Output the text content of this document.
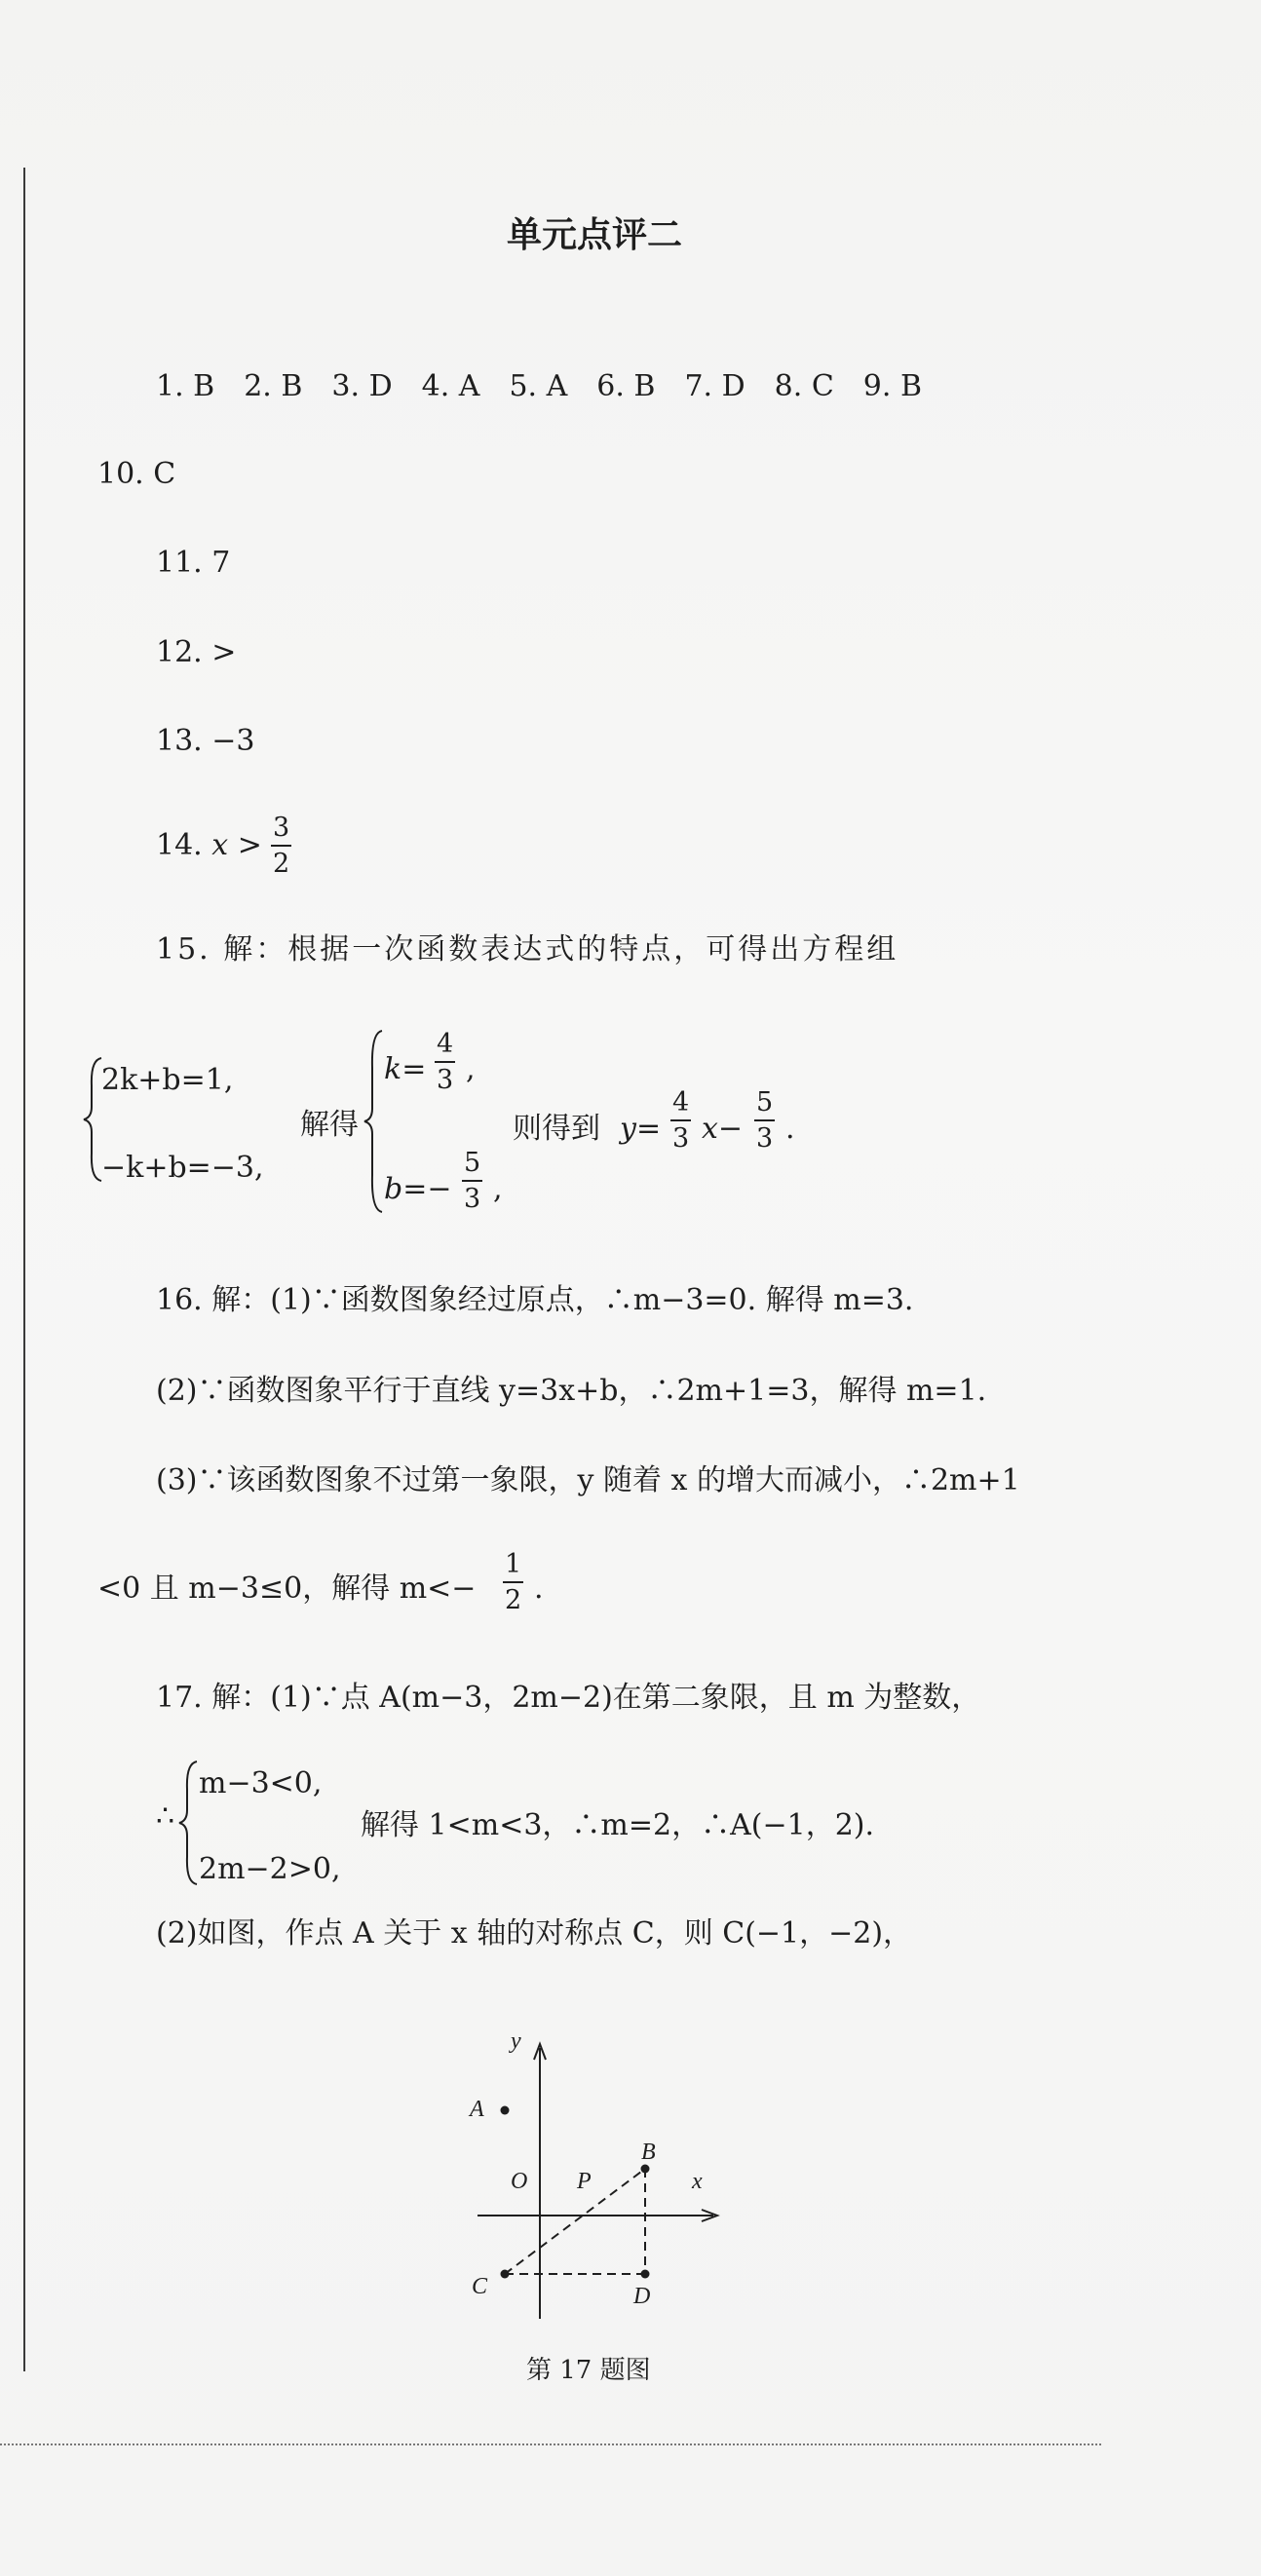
单元点评二
1. B　2. B　3. D　4. A　5. A　6. B　7. D　8. C　9. B
10. C
11. 7
12. >
13. −3
14. $x > \frac{3}{2}$
15. 解：根据一次函数表达式的特点，可得出方程组
2k+b=1,
−k+b=−3,
解得
$k= \frac{4}{3}$ ,
$b=- \frac{5}{3}$ ,
则得到 $y= \frac{4}{3} x- \frac{5}{3}$ .
16. 解：(1)∵函数图象经过原点，∴m−3=0. 解得 m=3.
(2)∵函数图象平行于直线 y=3x+b，∴2m+1=3，解得 m=1.
(3)∵该函数图象不过第一象限，y 随着 x 的增大而减小，∴2m+1
<0 且 m−3≤0，解得 $m<- \frac{1}{2}$ .
17. 解：(1)∵点 A(m−3，2m−2)在第二象限，且 m 为整数，
∴
m−3<0,
2m−2>0,
解得 1<m<3，∴m=2，∴A(−1，2).
(2)如图，作点 A 关于 x 轴的对称点 C，则 C(−1，−2)，
y
x
A
B
O P
C	D
第 17 题图
